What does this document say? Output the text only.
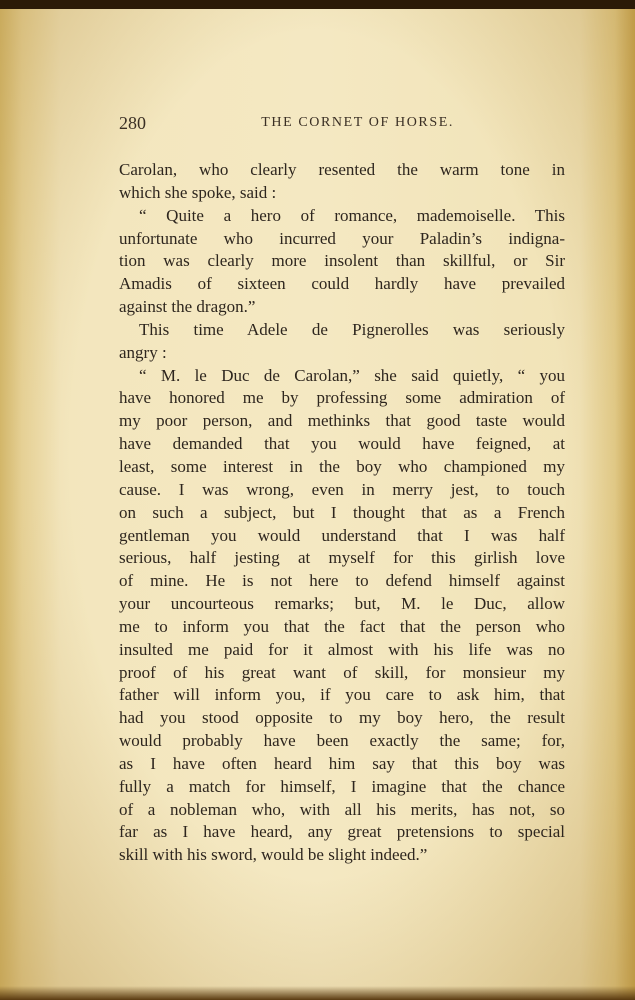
280	THE CORNET OF HORSE.
Carolan, who clearly resented the warm tone in
which she spoke, said :
“ Quite a hero of romance, mademoiselle. This
unfortunate who incurred your Paladin’s indigna-
tion was clearly more insolent than skillful, or Sir
Amadis of sixteen could hardly have prevailed
against the dragon.”
This time Adele de Pignerolles was seriously
angry :
“ M. le Duc de Carolan,” she said quietly, “ you
have honored me by professing some admiration of
my poor person, and methinks that good taste would
have demanded that you would have feigned, at
least, some interest in the boy who championed my
cause. I was wrong, even in merry jest, to touch
on such a subject, but I thought that as a French
gentleman you would understand that I was half
serious, half jesting at myself for this girlish love
of mine. He is not here to defend himself against
your uncourteous remarks; but, M. le Duc, allow
me to inform you that the fact that the person who
insulted me paid for it almost with his life was no
proof of his great want of skill, for monsieur my
father will inform you, if you care to ask him, that
had you stood opposite to my boy hero, the result
would probably have been exactly the same; for,
as I have often heard him say that this boy was
fully a match for himself, I imagine that the chance
of a nobleman who, with all his merits, has not, so
far as I have heard, any great pretensions to special
skill with his sword, would be slight indeed.”
